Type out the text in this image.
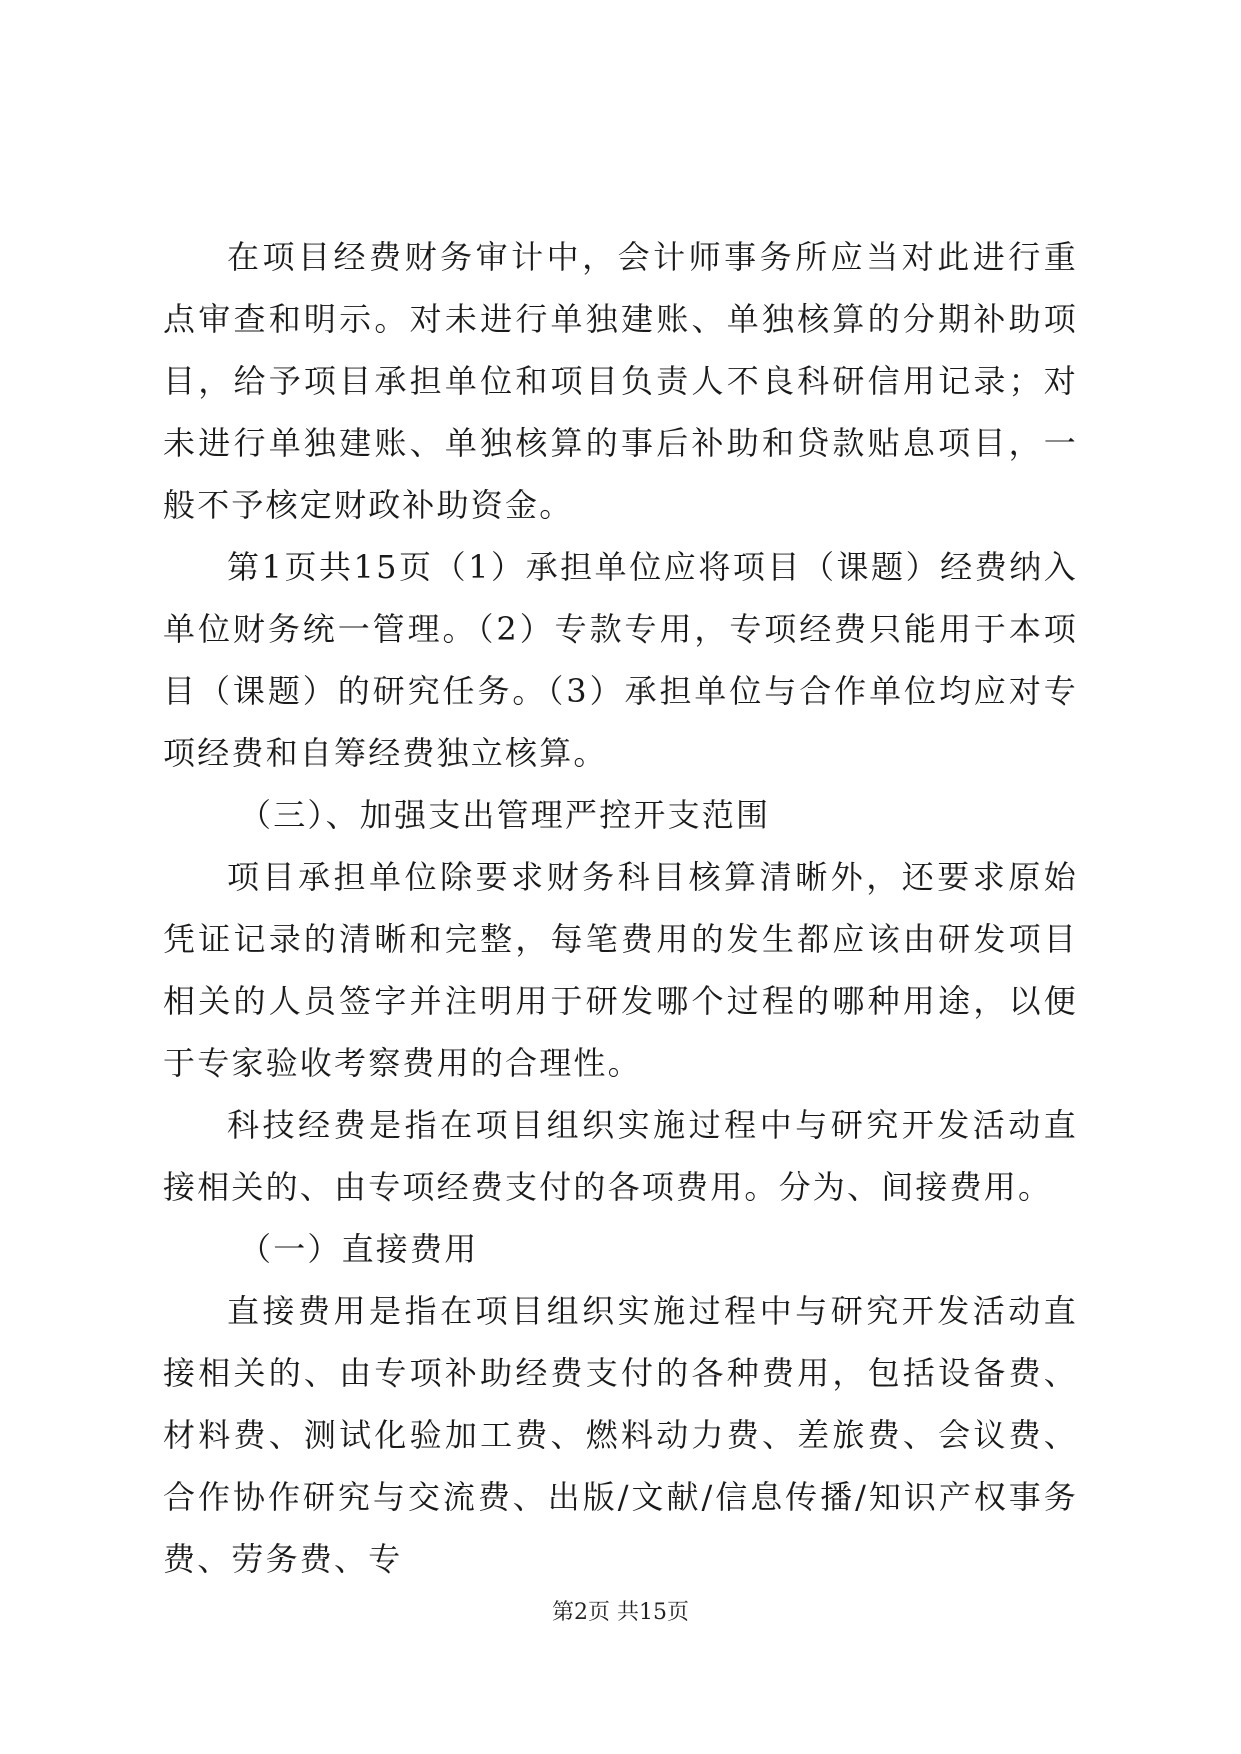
在项目经费财务审计中，会计师事务所应当对此进行重点审查和明示。对未进行单独建账、单独核算的分期补助项目，给予项目承担单位和项目负责人不良科研信用记录；对未进行单独建账、单独核算的事后补助和贷款贴息项目，一般不予核定财政补助资金。

第1页共15页（1）承担单位应将项目（课题）经费纳入单位财务统一管理。（2）专款专用，专项经费只能用于本项目（课题）的研究任务。（3）承担单位与合作单位均应对专项经费和自筹经费独立核算。

（三）、加强支出管理严控开支范围

项目承担单位除要求财务科目核算清晰外，还要求原始凭证记录的清晰和完整，每笔费用的发生都应该由研发项目相关的人员签字并注明用于研发哪个过程的哪种用途，以便于专家验收考察费用的合理性。

科技经费是指在项目组织实施过程中与研究开发活动直接相关的、由专项经费支付的各项费用。分为、间接费用。

（一）直接费用

直接费用是指在项目组织实施过程中与研究开发活动直接相关的、由专项补助经费支付的各种费用，包括设备费、材料费、测试化验加工费、燃料动力费、差旅费、会议费、合作协作研究与交流费、出版/文献/信息传播/知识产权事务费、劳务费、专

第2页 共15页
